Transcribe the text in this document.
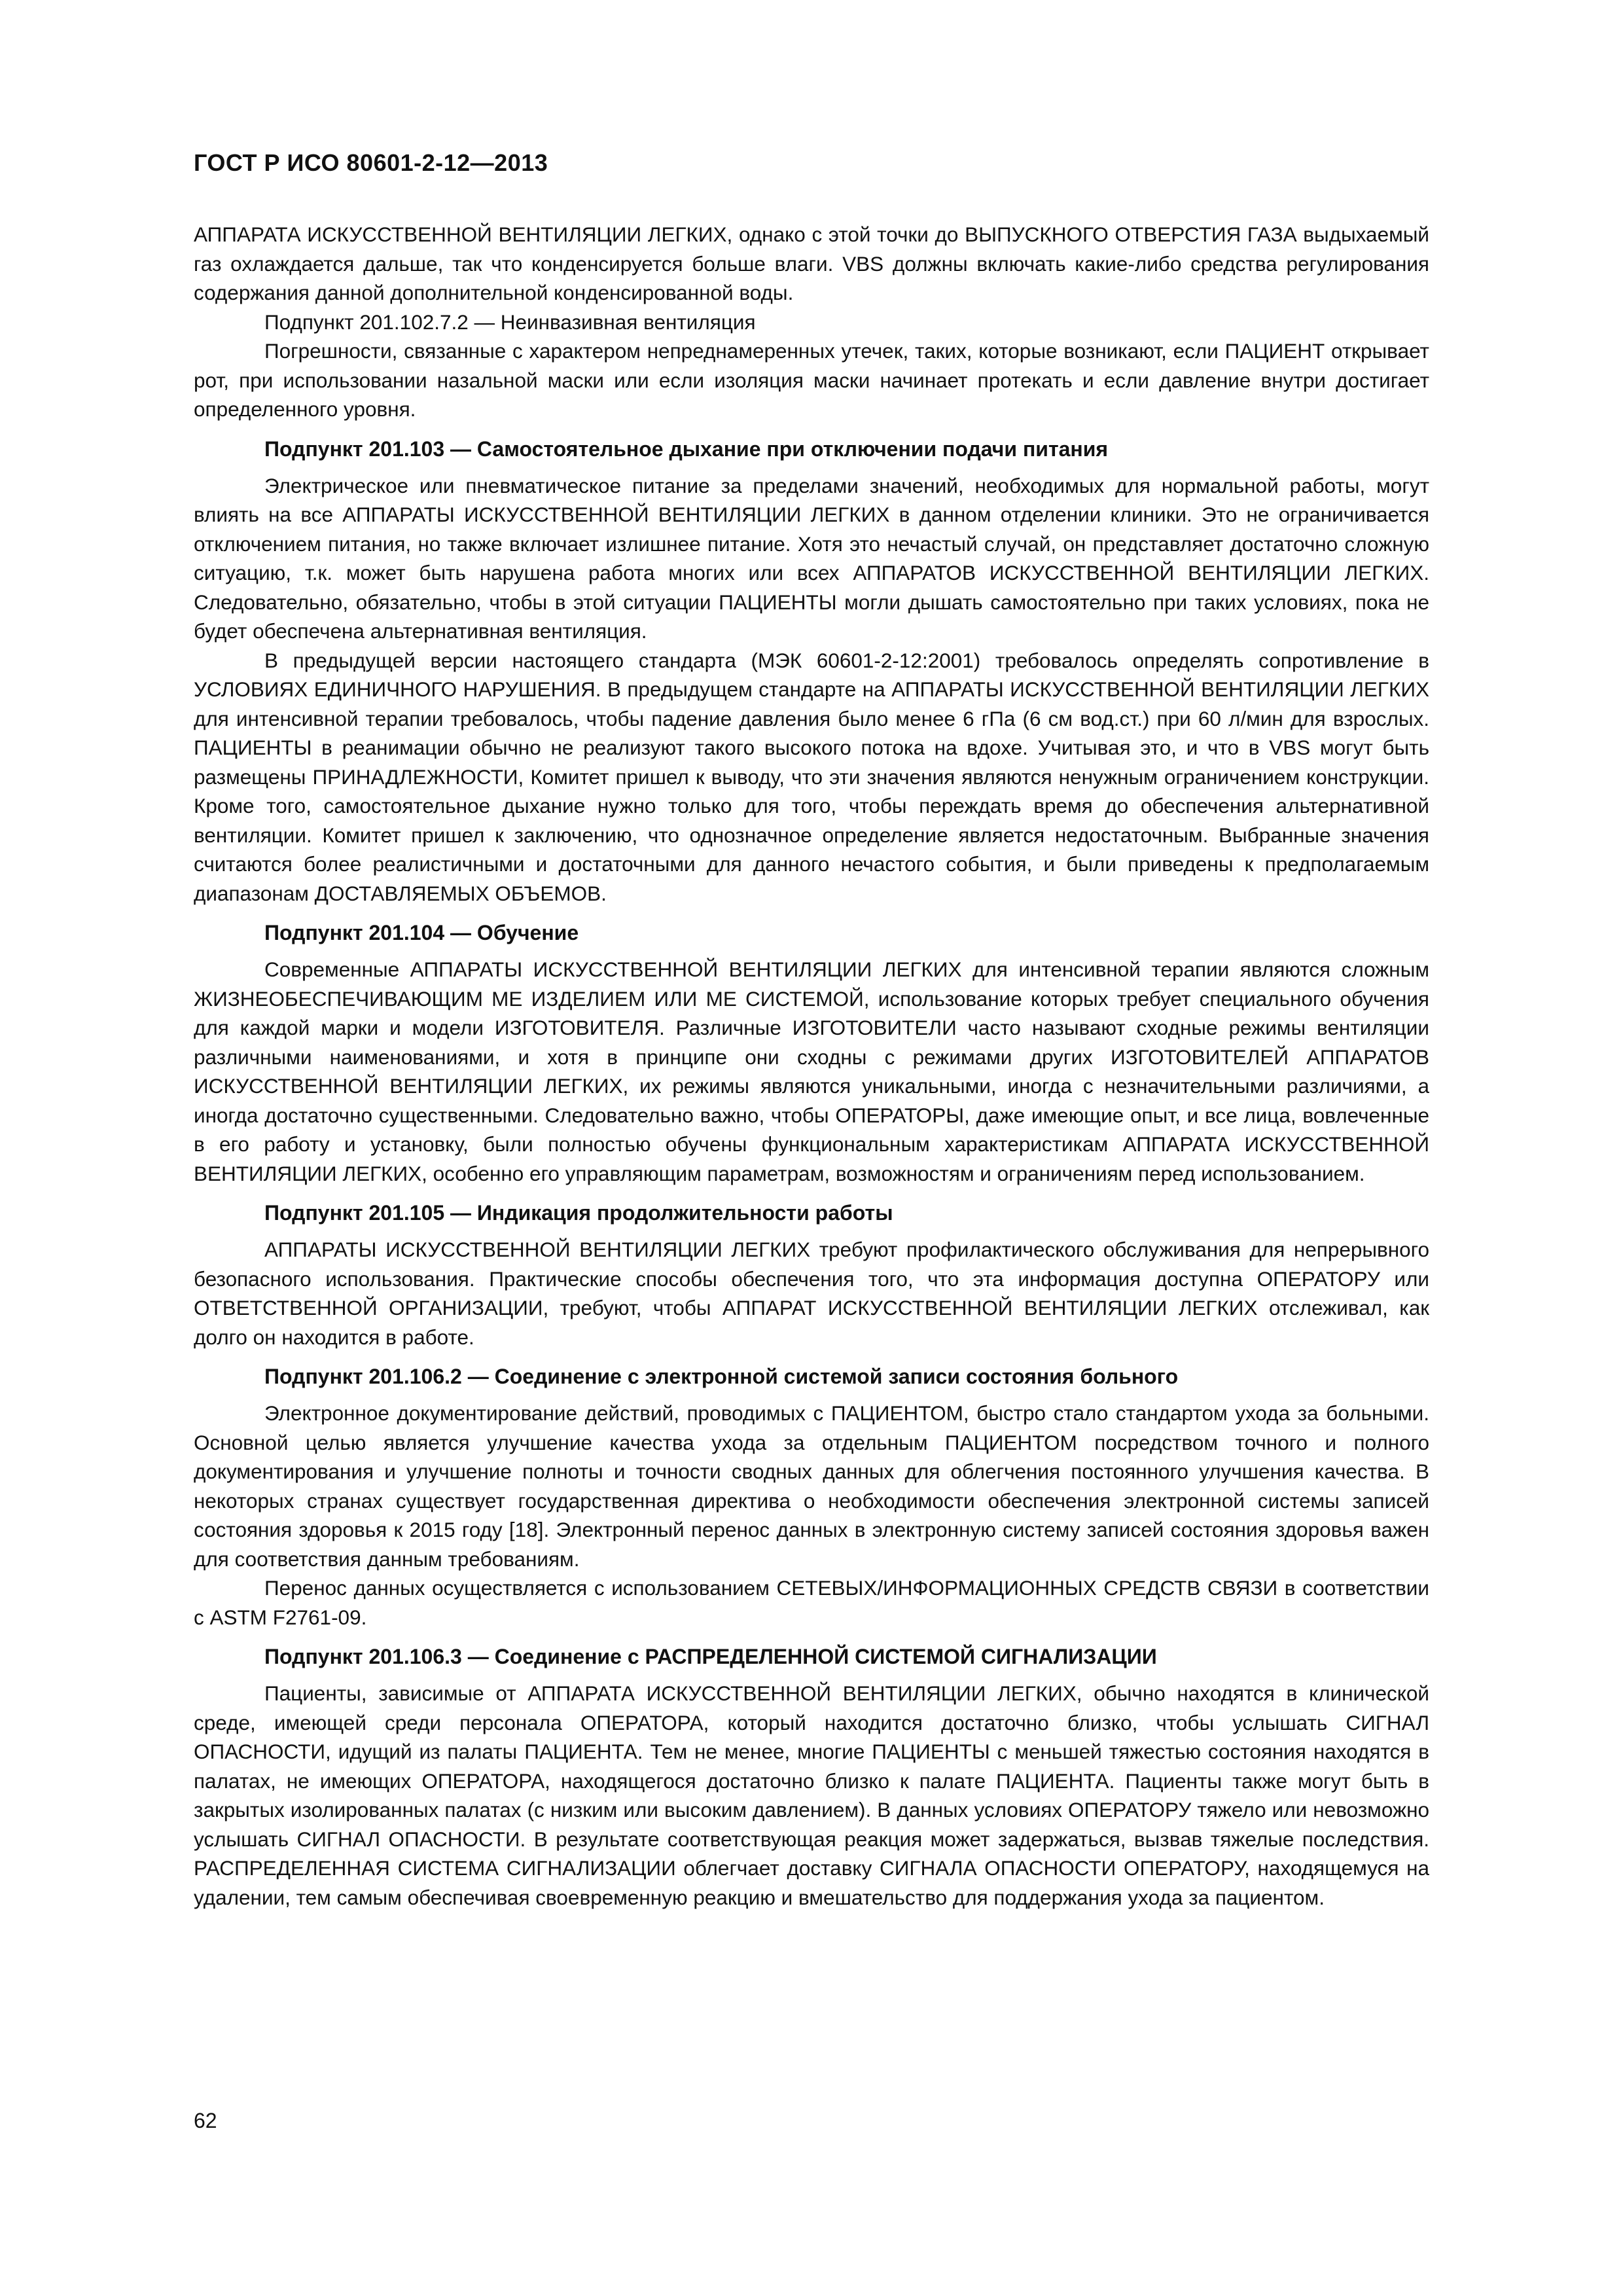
ГОСТ Р ИСО 80601-2-12—2013

АППАРАТА ИСКУССТВЕННОЙ ВЕНТИЛЯЦИИ ЛЕГКИХ, однако с этой точки до ВЫПУСКНОГО ОТВЕРСТИЯ ГАЗА выдыхаемый газ охлаждается дальше, так что конденсируется больше влаги. VBS должны включать какие-либо средства регулирования содержания данной дополнительной конденсированной воды.

Подпункт 201.102.7.2 — Неинвазивная вентиляция

Погрешности, связанные с характером непреднамеренных утечек, таких, которые возникают, если ПАЦИЕНТ открывает рот, при использовании назальной маски или если изоляция маски начинает протекать и если давление внутри достигает определенного уровня.

Подпункт 201.103 — Самостоятельное дыхание при отключении подачи питания

Электрическое или пневматическое питание за пределами значений, необходимых для нормальной работы, могут влиять на все АППАРАТЫ ИСКУССТВЕННОЙ ВЕНТИЛЯЦИИ ЛЕГКИХ в данном отделении клиники. Это не ограничивается отключением питания, но также включает излишнее питание. Хотя это нечастый случай, он представляет достаточно сложную ситуацию, т.к. может быть нарушена работа многих или всех АППАРАТОВ ИСКУССТВЕННОЙ ВЕНТИЛЯЦИИ ЛЕГКИХ. Следовательно, обязательно, чтобы в этой ситуации ПАЦИЕНТЫ могли дышать самостоятельно при таких условиях, пока не будет обеспечена альтернативная вентиляция.

В предыдущей версии настоящего стандарта (МЭК 60601-2-12:2001) требовалось определять сопротивление в УСЛОВИЯХ ЕДИНИЧНОГО НАРУШЕНИЯ. В предыдущем стандарте на АППАРАТЫ ИСКУССТВЕННОЙ ВЕНТИЛЯЦИИ ЛЕГКИХ для интенсивной терапии требовалось, чтобы падение давления было менее 6 гПа (6 см вод.ст.) при 60 л/мин для взрослых. ПАЦИЕНТЫ в реанимации обычно не реализуют такого высокого потока на вдохе. Учитывая это, и что в VBS могут быть размещены ПРИНАДЛЕЖНОСТИ, Комитет пришел к выводу, что эти значения являются ненужным ограничением конструкции. Кроме того, самостоятельное дыхание нужно только для того, чтобы переждать время до обеспечения альтернативной вентиляции. Комитет пришел к заключению, что однозначное определение является недостаточным. Выбранные значения считаются более реалистичными и достаточными для данного нечастого события, и были приведены к предполагаемым диапазонам ДОСТАВЛЯЕМЫХ ОБЪЕМОВ.

Подпункт 201.104 — Обучение

Современные АППАРАТЫ ИСКУССТВЕННОЙ ВЕНТИЛЯЦИИ ЛЕГКИХ для интенсивной терапии являются сложным ЖИЗНЕОБЕСПЕЧИВАЮЩИМ МЕ ИЗДЕЛИЕМ ИЛИ МЕ СИСТЕМОЙ, использование которых требует специального обучения для каждой марки и модели ИЗГОТОВИТЕЛЯ. Различные ИЗГОТОВИТЕЛИ часто называют сходные режимы вентиляции различными наименованиями, и хотя в принципе они сходны с режимами других ИЗГОТОВИТЕЛЕЙ АППАРАТОВ ИСКУССТВЕННОЙ ВЕНТИЛЯЦИИ ЛЕГКИХ, их режимы являются уникальными, иногда с незначительными различиями, а иногда достаточно существенными. Следовательно важно, чтобы ОПЕРАТОРЫ, даже имеющие опыт, и все лица, вовлеченные в его работу и установку, были полностью обучены функциональным характеристикам АППАРАТА ИСКУССТВЕННОЙ ВЕНТИЛЯЦИИ ЛЕГКИХ, особенно его управляющим параметрам, возможностям и ограничениям перед использованием.

Подпункт 201.105 — Индикация продолжительности работы

АППАРАТЫ ИСКУССТВЕННОЙ ВЕНТИЛЯЦИИ ЛЕГКИХ требуют профилактического обслуживания для непрерывного безопасного использования. Практические способы обеспечения того, что эта информация доступна ОПЕРАТОРУ или ОТВЕТСТВЕННОЙ ОРГАНИЗАЦИИ, требуют, чтобы АППАРАТ ИСКУССТВЕННОЙ ВЕНТИЛЯЦИИ ЛЕГКИХ отслеживал, как долго он находится в работе.

Подпункт 201.106.2 — Соединение с электронной системой записи состояния больного

Электронное документирование действий, проводимых с ПАЦИЕНТОМ, быстро стало стандартом ухода за больными. Основной целью является улучшение качества ухода за отдельным ПАЦИЕНТОМ посредством точного и полного документирования и улучшение полноты и точности сводных данных для облегчения постоянного улучшения качества. В некоторых странах существует государственная директива о необходимости обеспечения электронной системы записей состояния здоровья к 2015 году [18]. Электронный перенос данных в электронную систему записей состояния здоровья важен для соответствия данным требованиям.

Перенос данных осуществляется с использованием СЕТЕВЫХ/ИНФОРМАЦИОННЫХ СРЕДСТВ СВЯЗИ в соответствии с ASTM F2761-09.

Подпункт 201.106.3 — Соединение с РАСПРЕДЕЛЕННОЙ СИСТЕМОЙ СИГНАЛИЗАЦИИ

Пациенты, зависимые от АППАРАТА ИСКУССТВЕННОЙ ВЕНТИЛЯЦИИ ЛЕГКИХ, обычно находятся в клинической среде, имеющей среди персонала ОПЕРАТОРА, который находится достаточно близко, чтобы услышать СИГНАЛ ОПАСНОСТИ, идущий из палаты ПАЦИЕНТА. Тем не менее, многие ПАЦИЕНТЫ с меньшей тяжестью состояния находятся в палатах, не имеющих ОПЕРАТОРА, находящегося достаточно близко к палате ПАЦИЕНТА. Пациенты также могут быть в закрытых изолированных палатах (с низким или высоким давлением). В данных условиях ОПЕРАТОРУ тяжело или невозможно услышать СИГНАЛ ОПАСНОСТИ. В результате соответствующая реакция может задержаться, вызвав тяжелые последствия. РАСПРЕДЕЛЕННАЯ СИСТЕМА СИГНАЛИЗАЦИИ облегчает доставку СИГНАЛА ОПАСНОСТИ ОПЕРАТОРУ, находящемуся на удалении, тем самым обеспечивая своевременную реакцию и вмешательство для поддержания ухода за пациентом.

62
